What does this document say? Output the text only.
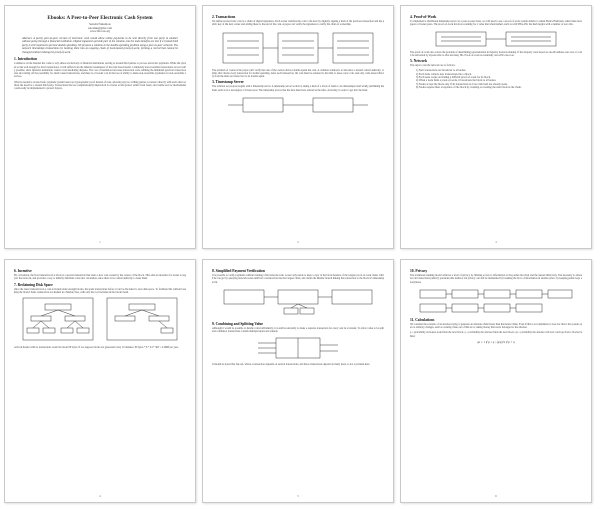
Ebooks: A Peer-to-Peer Electronic Cash System
Satoshi Nakamoto
satoshin@gmx.com
www.bitcoin.org
Abstract. A purely peer-to-peer version of electronic cash would allow online payments to be sent directly from one party to another without going through a financial institution. Digital signatures provide part of the solution, but the main benefits are lost if a trusted third party is still required to prevent double-spending. We propose a solution to the double-spending problem using a peer-to-peer network. The network timestamps transactions by hashing them into an ongoing chain of hash-based proof-of-work, forming a record that cannot be changed without redoing the proof-of-work.
1. Introduction
Commerce on the Internet has come to rely almost exclusively on financial institutions serving as trusted third parties to process electronic payments. While the system works well enough for most transactions, it still suffers from the inherent weaknesses of the trust based model. Completely non-reversible transactions are not really possible, since financial institutions cannot avoid mediating disputes. The cost of mediation increases transaction costs, limiting the minimum practical transaction size and cutting off the possibility for small casual transactions, and there is a broader cost in the loss of ability to make non-reversible payments for non-reversible services.
What is needed is an electronic payment system based on cryptographic proof instead of trust, allowing any two willing parties to transact directly with each other without the need for a trusted third party. Transactions that are computationally impractical to reverse would protect sellers from fraud, and routine escrow mechanisms could easily be implemented to protect buyers.
1
2. Transactions
We define an electronic coin as a chain of digital signatures. Each owner transfers the coin to the next by digitally signing a hash of the previous transaction and the public key of the next owner and adding these to the end of the coin. A payee can verify the signatures to verify the chain of ownership.
The problem of course is the payee can't verify that one of the owners did not double-spend the coin. A common solution is to introduce a trusted central authority, or mint, that checks every transaction for double spending. After each transaction, the coin must be returned to the mint to issue a new coin, and only coins issued directly from the mint are trusted not to be double-spent.
3. Timestamp Server
The solution we propose begins with a timestamp server. A timestamp server works by taking a hash of a block of items to be timestamped and widely publishing the hash, such as in a newspaper or Usenet post. The timestamp proves that the data must have existed at the time, obviously, in order to get into the hash.
2
4. Proof-of-Work
To implement a distributed timestamp server on a peer-to-peer basis, we will need to use a proof-of-work system similar to Adam Back's Hashcash, rather than newspaper or Usenet posts. The proof-of-work involves scanning for a value that when hashed, such as with SHA-256, the hash begins with a number of zero bits.
The proof-of-work also solves the problem of determining representation in majority decision making. If the majority were based on one-IP-address-one-vote, it could be subverted by anyone able to allocate many IPs. Proof-of-work is essentially one-CPU-one-vote.
5. Network
The steps to run the network are as follows:
1) New transactions are broadcast to all nodes.
2) Each node collects new transactions into a block.
3) Each node works on finding a difficult proof-of-work for its block.
4) When a node finds a proof-of-work, it broadcasts the block to all nodes.
5) Nodes accept the block only if all transactions in it are valid and not already spent.
6) Nodes express their acceptance of the block by working on creating the next block in the chain.
3
6. Incentive
By convention, the first transaction in a block is a special transaction that starts a new coin owned by the creator of the block. This adds an incentive for nodes to support the network, and provides a way to initially distribute coins into circulation, since there is no central authority to issue them.
7. Reclaiming Disk Space
Once the latest transaction in a coin is buried under enough blocks, the spent transactions before it can be discarded to save disk space. To facilitate this without breaking the block's hash, transactions are hashed in a Merkle Tree, with only the root included in the block's hash.
A block header with no transactions would be about 80 bytes. If we suppose blocks are generated every 10 minutes, 80 bytes * 6 * 24 * 365 = 4.2MB per year.
4
8. Simplified Payment Verification
It is possible to verify payments without running a full network node. A user only needs to keep a copy of the block headers of the longest proof-of-work chain, which he can get by querying network nodes until he's convinced he has the longest chain, and obtain the Merkle branch linking the transaction to the block it's timestamped in.
9. Combining and Splitting Value
Although it would be possible to handle coins individually, it would be unwieldy to make a separate transaction for every cent in a transfer. To allow value to be split and combined, transactions contain multiple inputs and outputs.
It should be noted that fan-out, where a transaction depends on several transactions, and those transactions depend on many more, is not a problem here.
5
10. Privacy
The traditional banking model achieves a level of privacy by limiting access to information to the parties involved and the trusted third party. The necessity to announce all transactions publicly precludes this method, but privacy can still be maintained by breaking the flow of information in another place: by keeping public keys anonymous.
11. Calculations
We consider the scenario of an attacker trying to generate an alternate chain faster than the honest chain. Even if this is accomplished, it does not throw the system open to arbitrary changes, such as creating value out of thin air or taking money that never belonged to the attacker.
p = probability an honest node finds the next block; q = probability the attacker finds the next block; qz = probability the attacker will ever catch up from z blocks behind.
qz = 1 if p ≤ q ; (q/p)^z if p > q
6
